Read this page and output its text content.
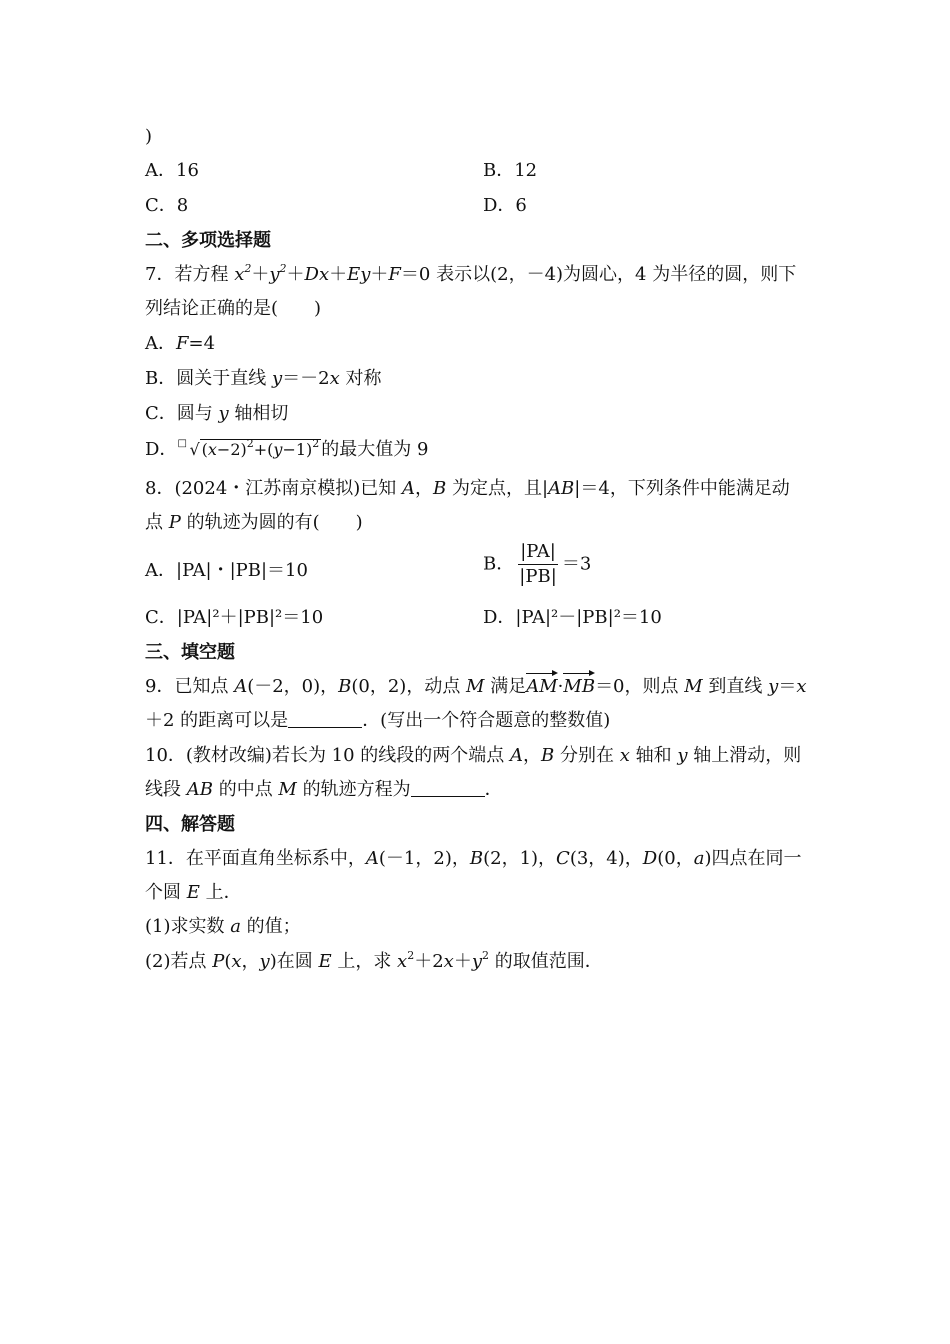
)
A．16	B．12
C．8	D．6
二、多项选择题
7．若方程 $x^2+y^2+Dx+Ey+F=0$ 表示以(2，－4)为圆心，4 为半径的圆，则下
列结论正确的是(　　)
A．F=4
B．圆关于直线 y＝－2x 对称
C．圆与 y 轴相切
D． □ √ $(x-2)^2+(y-1)^2$ 的最大值为 9
8．(2024・江苏南京模拟)已知 A，B 为定点，且|AB|＝4，下列条件中能满足动
点 P 的轨迹为圆的有(　　)
A．|PA|・|PB|＝10	B． $\frac{|PA|}{|PB|} =3$
C．|PA|²＋|PB|²＝10	D．|PA|²－|PB|²＝10
三、填空题
9．已知点 A(－2，0)，B(0，2)，动点 M 满足AM·MB＝0，则点 M 到直线 y＝x
＋2 的距离可以是	．(写出一个符合题意的整数值)
10．(教材改编)若长为 10 的线段的两个端点 A，B 分别在 x 轴和 y 轴上滑动，则
线段 AB 的中点 M 的轨迹方程为	．
四、解答题
11．在平面直角坐标系中，A(－1，2)，B(2，1)，C(3，4)，D(0，a)四点在同一
个圆 E 上．
(1)求实数 a 的值；
(2)若点 P(x，y)在圆 E 上，求 $x^2+2x+y^2$ 的取值范围．
